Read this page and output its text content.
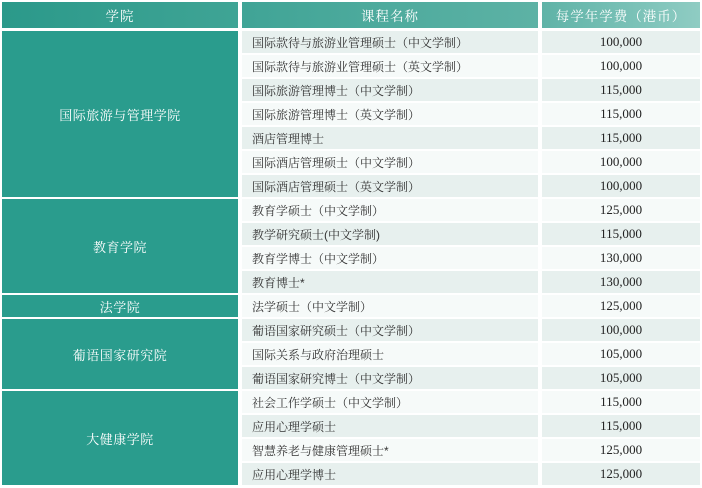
学院	课程名称	每学年学费（港币）
国际旅游与管理学院
国际款待与旅游业管理硕士（中文学制）	100,000
国际款待与旅游业管理硕士（英文学制）	100,000
国际旅游管理博士（中文学制）	115,000
国际旅游管理博士（英文学制）	115,000
酒店管理博士	115,000
国际酒店管理硕士（中文学制）	100,000
国际酒店管理硕士（英文学制）	100,000
教育学院
教育学硕士（中文学制）	125,000
教学研究硕士(中文学制)	115,000
教育学博士（中文学制）	130,000
教育博士*	130,000
法学院	法学硕士（中文学制）	125,000
葡语国家研究院
葡语国家研究硕士（中文学制）	100,000
国际关系与政府治理硕士	105,000
葡语国家研究博士（中文学制）	105,000
大健康学院
社会工作学硕士（中文学制）	115,000
应用心理学硕士	115,000
智慧养老与健康管理硕士*	125,000
应用心理学博士	125,000
